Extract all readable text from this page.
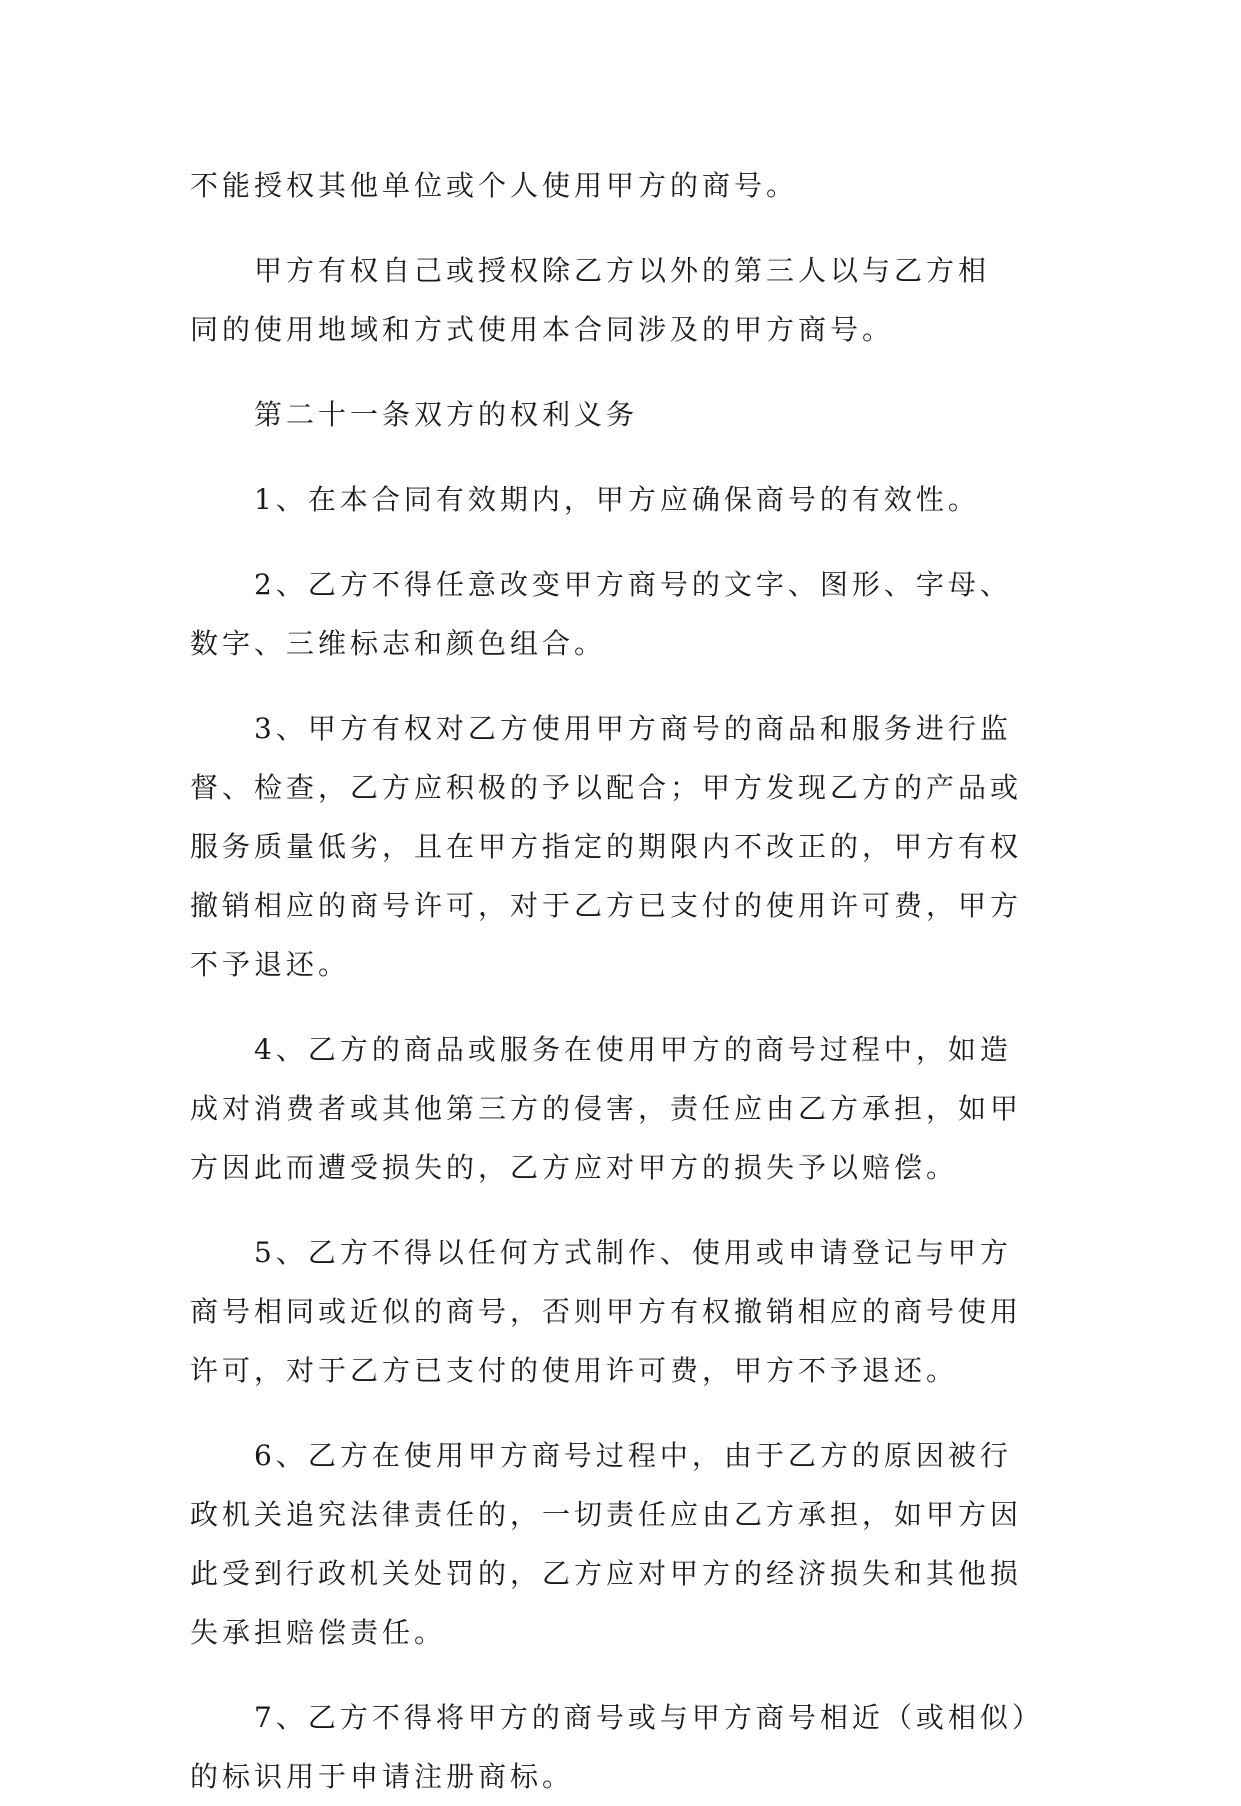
不能授权其他单位或个人使用甲方的商号。

甲方有权自己或授权除乙方以外的第三人以与乙方相
同的使用地域和方式使用本合同涉及的甲方商号。

第二十一条双方的权利义务

1、在本合同有效期内，甲方应确保商号的有效性。

2、乙方不得任意改变甲方商号的文字、图形、字母、
数字、三维标志和颜色组合。

3、甲方有权对乙方使用甲方商号的商品和服务进行监
督、检查，乙方应积极的予以配合；甲方发现乙方的产品或
服务质量低劣，且在甲方指定的期限内不改正的，甲方有权
撤销相应的商号许可，对于乙方已支付的使用许可费，甲方
不予退还。

4、乙方的商品或服务在使用甲方的商号过程中，如造
成对消费者或其他第三方的侵害，责任应由乙方承担，如甲
方因此而遭受损失的，乙方应对甲方的损失予以赔偿。

5、乙方不得以任何方式制作、使用或申请登记与甲方
商号相同或近似的商号，否则甲方有权撤销相应的商号使用
许可，对于乙方已支付的使用许可费，甲方不予退还。

6、乙方在使用甲方商号过程中，由于乙方的原因被行
政机关追究法律责任的，一切责任应由乙方承担，如甲方因
此受到行政机关处罚的，乙方应对甲方的经济损失和其他损
失承担赔偿责任。

7、乙方不得将甲方的商号或与甲方商号相近（或相似）
的标识用于申请注册商标。
